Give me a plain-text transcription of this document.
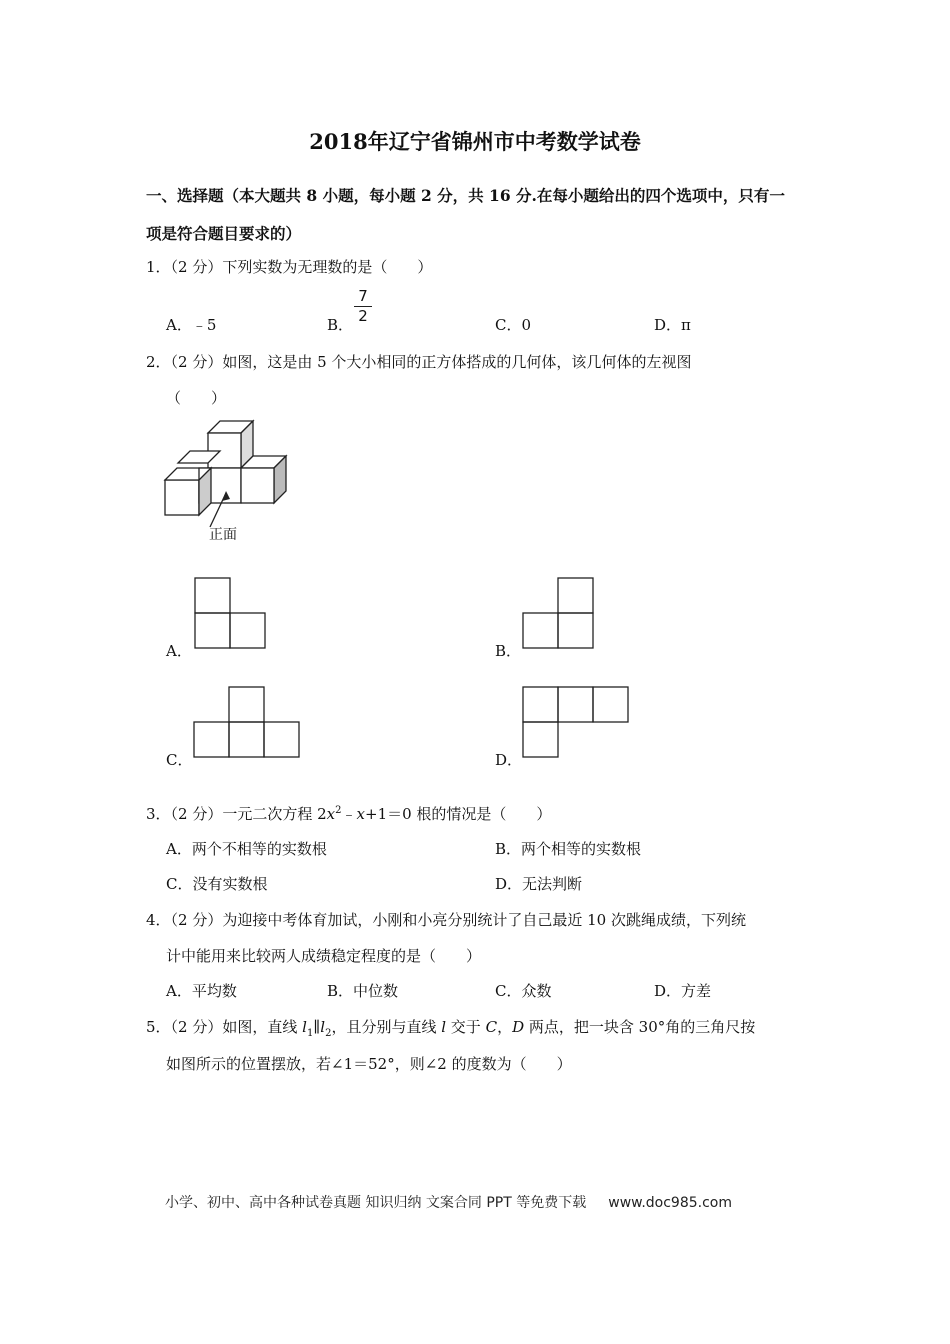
2018年辽宁省锦州市中考数学试卷
一、选择题（本大题共 8 小题，每小题 2 分，共 16 分.在每小题给出的四个选项中，只有一
项是符合题目要求的）
1．（2 分）下列实数为无理数的是（　　）
A．﹣5	B．
7
2	C．0	D．π
2．（2 分）如图，这是由 5 个大小相同的正方体搭成的几何体，该几何体的左视图
（　　）
正面
A．	B．
C．	D．
3．（2 分）一元二次方程 $2x^2﹣x+1=0$ 根的情况是（　　）
A．两个不相等的实数根	B．两个相等的实数根
C．没有实数根	D．无法判断
4．（2 分）为迎接中考体育加试，小刚和小亮分别统计了自己最近 10 次跳绳成绩，下列统
计中能用来比较两人成绩稳定程度的是（　　）
A．平均数	B．中位数	C．众数	D．方差
5．（2 分）如图，直线 $l_1\parallel l_2$，且分别与直线 l 交于 C，D 两点，把一块含 30°角的三角尺按
如图所示的位置摆放，若∠1＝52°，则∠2 的度数为（　　）
小学、初中、高中各种试卷真题 知识归纳 文案合同 PPT 等免费下载 www.doc985.com
